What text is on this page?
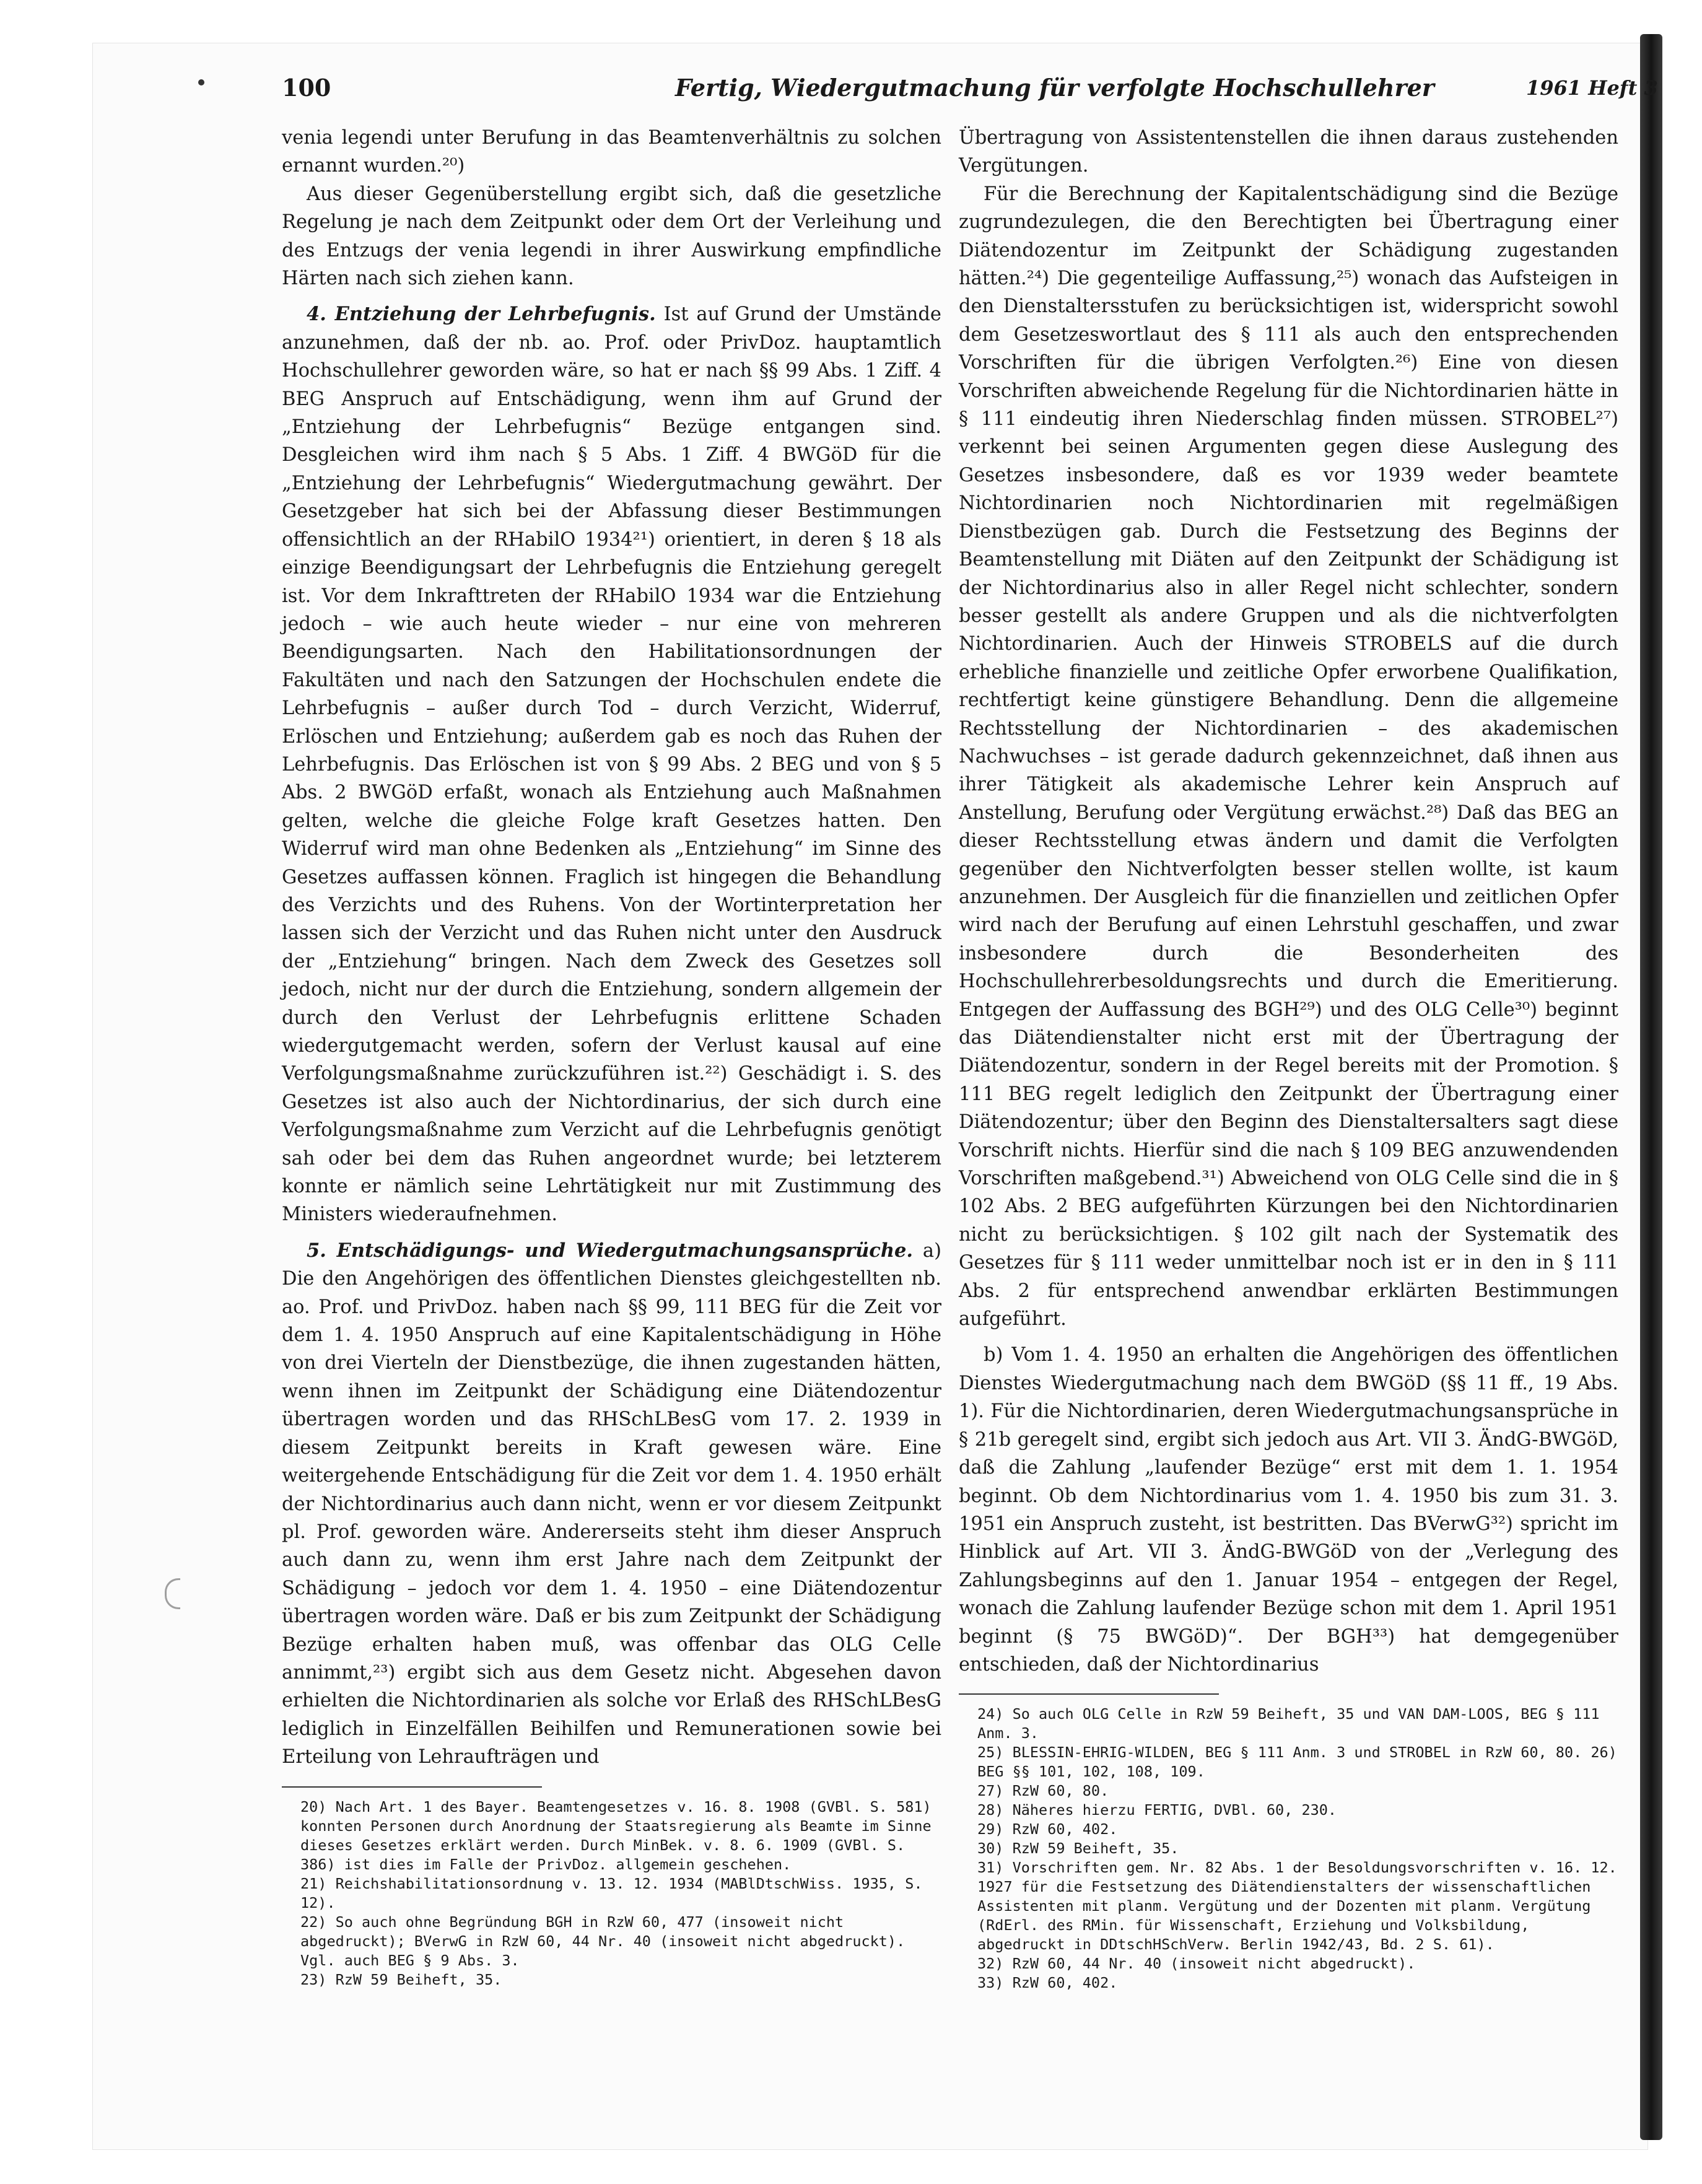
100	Fertig, Wiedergutmachung für verfolgte Hochschullehrer	1961 Heft 3

venia legendi unter Berufung in das Beamtenverhältnis zu solchen ernannt wurden.²⁰)

Aus dieser Gegenüberstellung ergibt sich, daß die gesetzliche Regelung je nach dem Zeitpunkt oder dem Ort der Verleihung und des Entzugs der venia legendi in ihrer Auswirkung empfindliche Härten nach sich ziehen kann.

4. Entziehung der Lehrbefugnis. Ist auf Grund der Umstände anzunehmen, daß der nb. ao. Prof. oder PrivDoz. hauptamtlich Hochschullehrer geworden wäre, so hat er nach §§ 99 Abs. 1 Ziff. 4 BEG Anspruch auf Entschädigung, wenn ihm auf Grund der „Entziehung der Lehrbefugnis“ Bezüge entgangen sind. Desgleichen wird ihm nach § 5 Abs. 1 Ziff. 4 BWGöD für die „Entziehung der Lehrbefugnis“ Wiedergutmachung gewährt. Der Gesetzgeber hat sich bei der Abfassung dieser Bestimmungen offensichtlich an der RHabilO 1934²¹) orientiert, in deren § 18 als einzige Beendigungsart der Lehrbefugnis die Entziehung geregelt ist. Vor dem Inkrafttreten der RHabilO 1934 war die Entziehung jedoch – wie auch heute wieder – nur eine von mehreren Beendigungsarten. Nach den Habilitationsordnungen der Fakultäten und nach den Satzungen der Hochschulen endete die Lehrbefugnis – außer durch Tod – durch Verzicht, Widerruf, Erlöschen und Entziehung; außerdem gab es noch das Ruhen der Lehrbefugnis. Das Erlöschen ist von § 99 Abs. 2 BEG und von § 5 Abs. 2 BWGöD erfaßt, wonach als Entziehung auch Maßnahmen gelten, welche die gleiche Folge kraft Gesetzes hatten. Den Widerruf wird man ohne Bedenken als „Entziehung“ im Sinne des Gesetzes auffassen können. Fraglich ist hingegen die Behandlung des Verzichts und des Ruhens. Von der Wortinterpretation her lassen sich der Verzicht und das Ruhen nicht unter den Ausdruck der „Entziehung“ bringen. Nach dem Zweck des Gesetzes soll jedoch, nicht nur der durch die Entziehung, sondern allgemein der durch den Verlust der Lehrbefugnis erlittene Schaden wiedergutgemacht werden, sofern der Verlust kausal auf eine Verfolgungsmaßnahme zurückzuführen ist.²²) Geschädigt i. S. des Gesetzes ist also auch der Nichtordinarius, der sich durch eine Verfolgungsmaßnahme zum Verzicht auf die Lehrbefugnis genötigt sah oder bei dem das Ruhen angeordnet wurde; bei letzterem konnte er nämlich seine Lehrtätigkeit nur mit Zustimmung des Ministers wiederaufnehmen.

5. Entschädigungs- und Wiedergutmachungsansprüche. a) Die den Angehörigen des öffentlichen Dienstes gleichgestellten nb. ao. Prof. und PrivDoz. haben nach §§ 99, 111 BEG für die Zeit vor dem 1. 4. 1950 Anspruch auf eine Kapitalentschädigung in Höhe von drei Vierteln der Dienstbezüge, die ihnen zugestanden hätten, wenn ihnen im Zeitpunkt der Schädigung eine Diätendozentur übertragen worden und das RHSchLBesG vom 17. 2. 1939 in diesem Zeitpunkt bereits in Kraft gewesen wäre. Eine weitergehende Entschädigung für die Zeit vor dem 1. 4. 1950 erhält der Nichtordinarius auch dann nicht, wenn er vor diesem Zeitpunkt pl. Prof. geworden wäre. Andererseits steht ihm dieser Anspruch auch dann zu, wenn ihm erst Jahre nach dem Zeitpunkt der Schädigung – jedoch vor dem 1. 4. 1950 – eine Diätendozentur übertragen worden wäre. Daß er bis zum Zeitpunkt der Schädigung Bezüge erhalten haben muß, was offenbar das OLG Celle annimmt,²³) ergibt sich aus dem Gesetz nicht. Abgesehen davon erhielten die Nichtordinarien als solche vor Erlaß des RHSchLBesG lediglich in Einzelfällen Beihilfen und Remunerationen sowie bei Erteilung von Lehraufträgen und

20) Nach Art. 1 des Bayer. Beamtengesetzes v. 16. 8. 1908 (GVBl. S. 581) konnten Personen durch Anordnung der Staatsregierung als Beamte im Sinne dieses Gesetzes erklärt werden. Durch MinBek. v. 8. 6. 1909 (GVBl. S. 386) ist dies im Falle der PrivDoz. allgemein geschehen.

21) Reichshabilitationsordnung v. 13. 12. 1934 (MABlDtschWiss. 1935, S. 12).

22) So auch ohne Begründung BGH in RzW 60, 477 (insoweit nicht abgedruckt); BVerwG in RzW 60, 44 Nr. 40 (insoweit nicht abgedruckt). Vgl. auch BEG § 9 Abs. 3.

23) RzW 59 Beiheft, 35.

Übertragung von Assistentenstellen die ihnen daraus zustehenden Vergütungen.

Für die Berechnung der Kapitalentschädigung sind die Bezüge zugrundezulegen, die den Berechtigten bei Übertragung einer Diätendozentur im Zeitpunkt der Schädigung zugestanden hätten.²⁴) Die gegenteilige Auffassung,²⁵) wonach das Aufsteigen in den Dienstaltersstufen zu berücksichtigen ist, widerspricht sowohl dem Gesetzeswortlaut des § 111 als auch den entsprechenden Vorschriften für die übrigen Verfolgten.²⁶) Eine von diesen Vorschriften abweichende Regelung für die Nichtordinarien hätte in § 111 eindeutig ihren Niederschlag finden müssen. STROBEL²⁷) verkennt bei seinen Argumenten gegen diese Auslegung des Gesetzes insbesondere, daß es vor 1939 weder beamtete Nichtordinarien noch Nichtordinarien mit regelmäßigen Dienstbezügen gab. Durch die Festsetzung des Beginns der Beamtenstellung mit Diäten auf den Zeitpunkt der Schädigung ist der Nichtordinarius also in aller Regel nicht schlechter, sondern besser gestellt als andere Gruppen und als die nichtverfolgten Nichtordinarien. Auch der Hinweis STROBELS auf die durch erhebliche finanzielle und zeitliche Opfer erworbene Qualifikation, rechtfertigt keine günstigere Behandlung. Denn die allgemeine Rechtsstellung der Nichtordinarien – des akademischen Nachwuchses – ist gerade dadurch gekennzeichnet, daß ihnen aus ihrer Tätigkeit als akademische Lehrer kein Anspruch auf Anstellung, Berufung oder Vergütung erwächst.²⁸) Daß das BEG an dieser Rechtsstellung etwas ändern und damit die Verfolgten gegenüber den Nichtverfolgten besser stellen wollte, ist kaum anzunehmen. Der Ausgleich für die finanziellen und zeitlichen Opfer wird nach der Berufung auf einen Lehrstuhl geschaffen, und zwar insbesondere durch die Besonderheiten des Hochschullehrerbesoldungsrechts und durch die Emeritierung. Entgegen der Auffassung des BGH²⁹) und des OLG Celle³⁰) beginnt das Diätendienstalter nicht erst mit der Übertragung der Diätendozentur, sondern in der Regel bereits mit der Promotion. § 111 BEG regelt lediglich den Zeitpunkt der Übertragung einer Diätendozentur; über den Beginn des Dienstaltersalters sagt diese Vorschrift nichts. Hierfür sind die nach § 109 BEG anzuwendenden Vorschriften maßgebend.³¹) Abweichend von OLG Celle sind die in § 102 Abs. 2 BEG aufgeführten Kürzungen bei den Nichtordinarien nicht zu berücksichtigen. § 102 gilt nach der Systematik des Gesetzes für § 111 weder unmittelbar noch ist er in den in § 111 Abs. 2 für entsprechend anwendbar erklärten Bestimmungen aufgeführt.

b) Vom 1. 4. 1950 an erhalten die Angehörigen des öffentlichen Dienstes Wiedergutmachung nach dem BWGöD (§§ 11 ff., 19 Abs. 1). Für die Nichtordinarien, deren Wiedergutmachungsansprüche in § 21b geregelt sind, ergibt sich jedoch aus Art. VII 3. ÄndG-BWGöD, daß die Zahlung „laufender Bezüge“ erst mit dem 1. 1. 1954 beginnt. Ob dem Nichtordinarius vom 1. 4. 1950 bis zum 31. 3. 1951 ein Anspruch zusteht, ist bestritten. Das BVerwG³²) spricht im Hinblick auf Art. VII 3. ÄndG-BWGöD von der „Verlegung des Zahlungsbeginns auf den 1. Januar 1954 – entgegen der Regel, wonach die Zahlung laufender Bezüge schon mit dem 1. April 1951 beginnt (§ 75 BWGöD)“. Der BGH³³) hat demgegenüber entschieden, daß der Nichtordinarius

24) So auch OLG Celle in RzW 59 Beiheft, 35 und VAN DAM-LOOS, BEG § 111 Anm. 3.

25) BLESSIN-EHRIG-WILDEN, BEG § 111 Anm. 3 und STROBEL in RzW 60, 80. 26) BEG §§ 101, 102, 108, 109.

27) RzW 60, 80.

28) Näheres hierzu FERTIG, DVBl. 60, 230.

29) RzW 60, 402.

30) RzW 59 Beiheft, 35.

31) Vorschriften gem. Nr. 82 Abs. 1 der Besoldungsvorschriften v. 16. 12. 1927 für die Festsetzung des Diätendienstalters der wissenschaftlichen Assistenten mit planm. Vergütung und der Dozenten mit planm. Vergütung (RdErl. des RMin. für Wissenschaft, Erziehung und Volksbildung, abgedruckt in DDtschHSchVerw. Berlin 1942/43, Bd. 2 S. 61).

32) RzW 60, 44 Nr. 40 (insoweit nicht abgedruckt).

33) RzW 60, 402.
